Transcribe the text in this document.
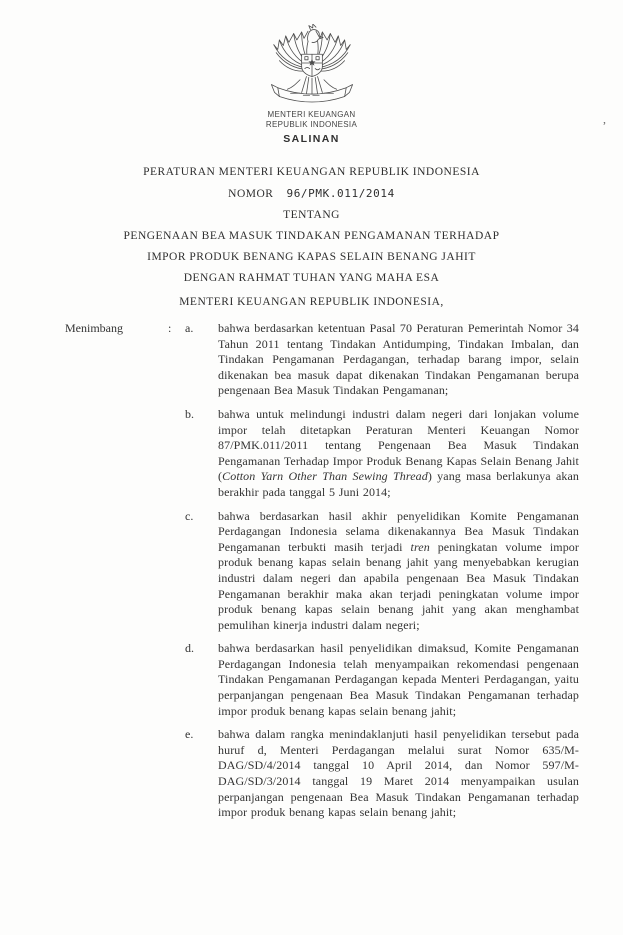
MENTERI KEUANGAN
REPUBLIK INDONESIA
SALINAN
,
PERATURAN MENTERI KEUANGAN REPUBLIK INDONESIA
NOMOR 96/PMK.011/2014
TENTANG
PENGENAAN BEA MASUK TINDAKAN PENGAMANAN TERHADAP
IMPOR PRODUK BENANG KAPAS SELAIN BENANG JAHIT
DENGAN RAHMAT TUHAN YANG MAHA ESA
MENTERI KEUANGAN REPUBLIK INDONESIA,
Menimbang	:	a.	bahwa berdasarkan ketentuan Pasal 70 Peraturan Pemerintah Nomor 34 Tahun 2011 tentang Tindakan Antidumping, Tindakan Imbalan, dan Tindakan Pengamanan Perdagangan, terhadap barang impor, selain dikenakan bea masuk dapat dikenakan Tindakan Pengamanan berupa pengenaan Bea Masuk Tindakan Pengamanan;
b.	bahwa untuk melindungi industri dalam negeri dari lonjakan volume impor telah ditetapkan Peraturan Menteri Keuangan Nomor 87/PMK.011/2011 tentang Pengenaan Bea Masuk Tindakan Pengamanan Terhadap Impor Produk Benang Kapas Selain Benang Jahit (Cotton Yarn Other Than Sewing Thread) yang masa berlakunya akan berakhir pada tanggal 5 Juni 2014;
c.	bahwa berdasarkan hasil akhir penyelidikan Komite Pengamanan Perdagangan Indonesia selama dikenakannya Bea Masuk Tindakan Pengamanan terbukti masih terjadi tren peningkatan volume impor produk benang kapas selain benang jahit yang menyebabkan kerugian industri dalam negeri dan apabila pengenaan Bea Masuk Tindakan Pengamanan berakhir maka akan terjadi peningkatan volume impor produk benang kapas selain benang jahit yang akan menghambat pemulihan kinerja industri dalam negeri;
d.	bahwa berdasarkan hasil penyelidikan dimaksud, Komite Pengamanan Perdagangan Indonesia telah menyampaikan rekomendasi pengenaan Tindakan Pengamanan Perdagangan kepada Menteri Perdagangan, yaitu perpanjangan pengenaan Bea Masuk Tindakan Pengamanan terhadap impor produk benang kapas selain benang jahit;
e.	bahwa dalam rangka menindaklanjuti hasil penyelidikan tersebut pada huruf d, Menteri Perdagangan melalui surat Nomor 635/M-DAG/SD/4/2014 tanggal 10 April 2014, dan Nomor 597/M-DAG/SD/3/2014 tanggal 19 Maret 2014 menyampaikan usulan perpanjangan pengenaan Bea Masuk Tindakan Pengamanan terhadap impor produk benang kapas selain benang jahit;
